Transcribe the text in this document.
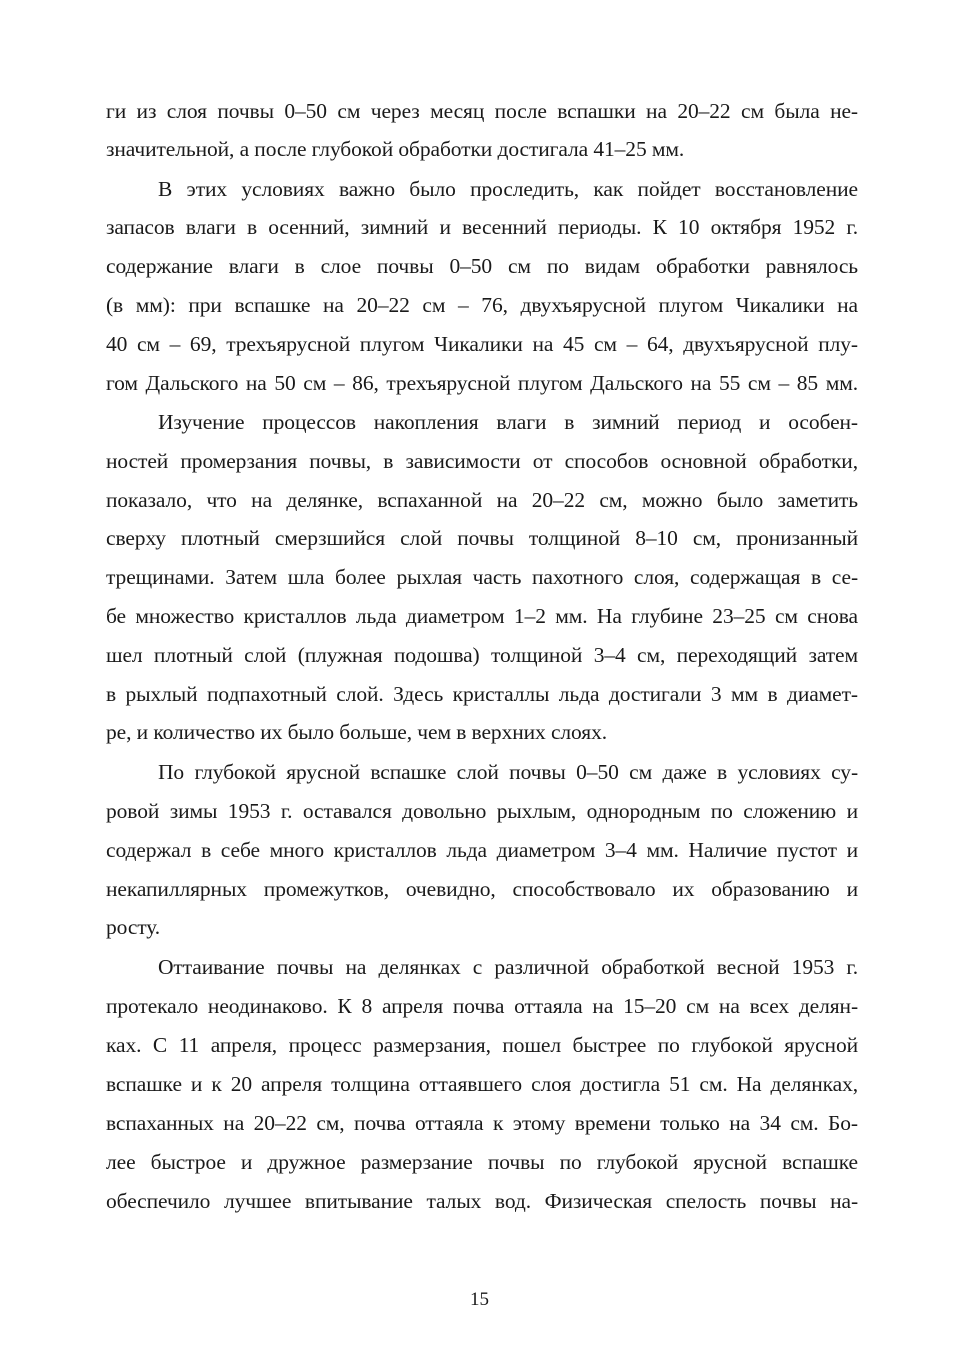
ги из слоя почвы 0–50 см через месяц после вспашки на 20–22 см была не-
значительной, а после глубокой обработки достигала 41–25 мм.
В этих условиях важно было проследить, как пойдет восстановление
запасов влаги в осенний, зимний и весенний периоды. К 10 октября 1952 г.
содержание влаги в слое почвы 0–50 см по видам обработки равнялось
(в мм): при вспашке на 20–22 см – 76, двухъярусной плугом Чикалики на
40 см – 69, трехъярусной плугом Чикалики на 45 см – 64, двухъярусной плу-
гом Дальского на 50 см – 86, трехъярусной плугом Дальского на 55 см – 85 мм.
Изучение процессов накопления влаги в зимний период и особен-
ностей промерзания почвы, в зависимости от способов основной обработки,
показало, что на делянке, вспаханной на 20–22 см, можно было заметить
сверху плотный смерзшийся слой почвы толщиной 8–10 см, пронизанный
трещинами. Затем шла более рыхлая часть пахотного слоя, содержащая в се-
бе множество кристаллов льда диаметром 1–2 мм. На глубине 23–25 см снова
шел плотный слой (плужная подошва) толщиной 3–4 см, переходящий затем
в рыхлый подпахотный слой. Здесь кристаллы льда достигали 3 мм в диамет-
ре, и количество их было больше, чем в верхних слоях.
По глубокой ярусной вспашке слой почвы 0–50 см даже в условиях су-
ровой зимы 1953 г. оставался довольно рыхлым, однородным по сложению и
содержал в себе много кристаллов льда диаметром 3–4 мм. Наличие пустот и
некапиллярных промежутков, очевидно, способствовало их образованию и
росту.
Оттаивание почвы на делянках с различной обработкой весной 1953 г.
протекало неодинаково. К 8 апреля почва оттаяла на 15–20 см на всех делян-
ках. С 11 апреля, процесс размерзания, пошел быстрее по глубокой ярусной
вспашке и к 20 апреля толщина оттаявшего слоя достигла 51 см. На делянках,
вспаханных на 20–22 см, почва оттаяла к этому времени только на 34 см. Бо-
лее быстрое и дружное размерзание почвы по глубокой ярусной вспашке
обеспечило лучшее впитывание талых вод. Физическая спелость почвы на-
15
